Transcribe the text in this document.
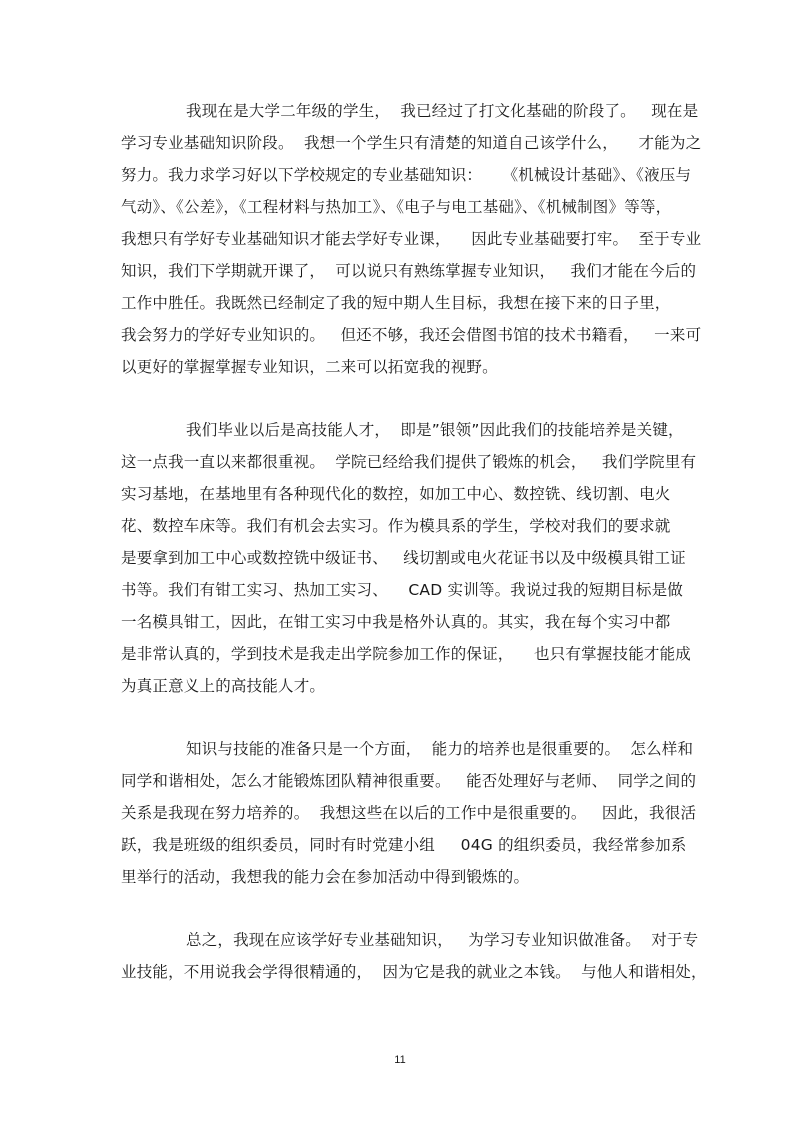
我现在是大学二年级的学生，  我已经过了打文化基础的阶段了。   现在是
学习专业基础知识阶段。  我想一个学生只有清楚的知道自己该学什么，    才能为之
努力。我力求学习好以下学校规定的专业基础知识：    《机械设计基础》、《液压与
气动》、《公差》，《工程材料与热加工》、《电子与电工基础》、《机械制图》等等，
我想只有学好专业基础知识才能去学好专业课，    因此专业基础要打牢。  至于专业
知识，我们下学期就开课了，  可以说只有熟练掌握专业知识，   我们才能在今后的
工作中胜任。我既然已经制定了我的短中期人生目标，我想在接下来的日子里，
我会努力的学好专业知识的。   但还不够，我还会借图书馆的技术书籍看，   一来可
以更好的掌握掌握专业知识，二来可以拓宽我的视野。
我们毕业以后是高技能人才，  即是”银领”因此我们的技能培养是关键，
这一点我一直以来都很重视。  学院已经给我们提供了锻炼的机会，   我们学院里有
实习基地，在基地里有各种现代化的数控，如加工中心、数控铣、线切割、电火
花、数控车床等。我们有机会去实习。作为模具系的学生，学校对我们的要求就
是要拿到加工中心或数控铣中级证书、   线切割或电火花证书以及中级模具钳工证
书等。我们有钳工实习、热加工实习、    CAD 实训等。我说过我的短期目标是做
一名模具钳工，因此，在钳工实习中我是格外认真的。其实，我在每个实习中都
是非常认真的，学到技术是我走出学院参加工作的保证，    也只有掌握技能才能成
为真正意义上的高技能人才。
知识与技能的准备只是一个方面，  能力的培养也是很重要的。  怎么样和
同学和谐相处，怎么才能锻炼团队精神很重要。   能否处理好与老师、  同学之间的
关系是我现在努力培养的。  我想这些在以后的工作中是很重要的。   因此，我很活
跃，我是班级的组织委员，同时有时党建小组     04G 的组织委员，我经常参加系
里举行的活动，我想我的能力会在参加活动中得到锻炼的。
总之，我现在应该学好专业基础知识，   为学习专业知识做准备。  对于专
业技能，不用说我会学得很精通的，  因为它是我的就业之本钱。  与他人和谐相处，
11
